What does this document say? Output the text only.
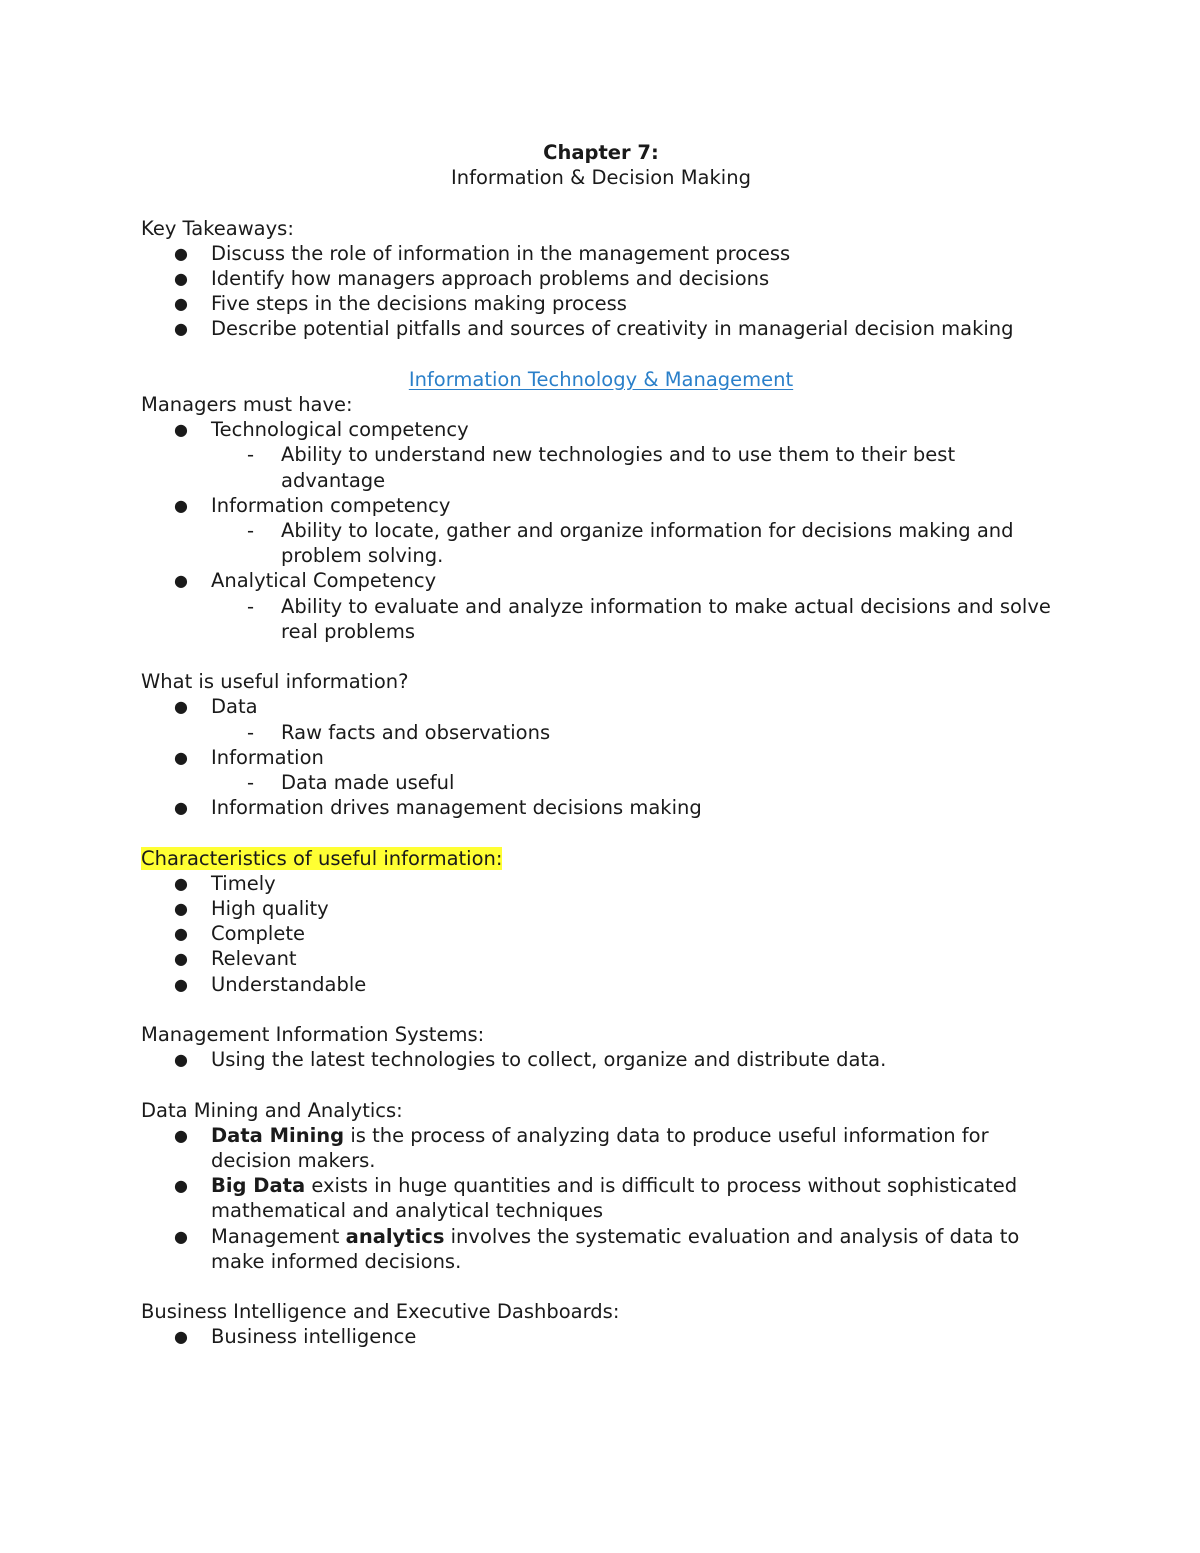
Chapter 7:
Information & Decision Making
Key Takeaways:
● Discuss the role of information in the management process
● Identify how managers approach problems and decisions
● Five steps in the decisions making process
● Describe potential pitfalls and sources of creativity in managerial decision making
Information Technology & Management
Managers must have:
● Technological competency
- Ability to understand new technologies and to use them to their best advantage
● Information competency
- Ability to locate, gather and organize information for decisions making and problem solving.
● Analytical Competency
- Ability to evaluate and analyze information to make actual decisions and solve real problems
What is useful information?
● Data
- Raw facts and observations
● Information
- Data made useful
● Information drives management decisions making
Characteristics of useful information:
● Timely
● High quality
● Complete
● Relevant
● Understandable
Management Information Systems:
● Using the latest technologies to collect, organize and distribute data.
Data Mining and Analytics:
● Data Mining is the process of analyzing data to produce useful information for decision makers.
● Big Data exists in huge quantities and is difficult to process without sophisticated mathematical and analytical techniques
● Management analytics involves the systematic evaluation and analysis of data to make informed decisions.
Business Intelligence and Executive Dashboards:
● Business intelligence
